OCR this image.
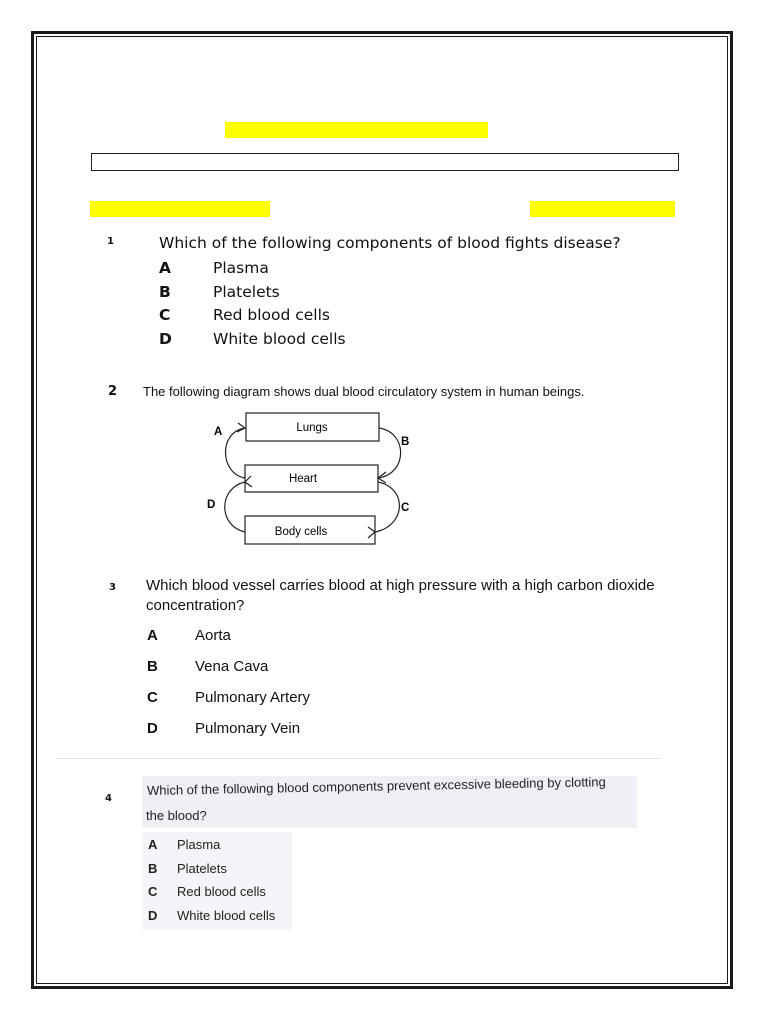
1	Which of the following components of blood fights disease?
A	Plasma
B	Platelets
C	Red blood cells
D	White blood cells
2 The following diagram shows dual blood circulatory system in human beings.
Lungs
Heart
Body cells
A
B
C
D
3 Which blood vessel carries blood at high pressure with a high carbon dioxide
concentration?
A Aorta
B Vena Cava
C Pulmonary Artery
D Pulmonary Vein
4
Which of the following blood components prevent excessive bleeding by clotting
the blood?
A Plasma
B Platelets
C Red blood cells
D White blood cells
